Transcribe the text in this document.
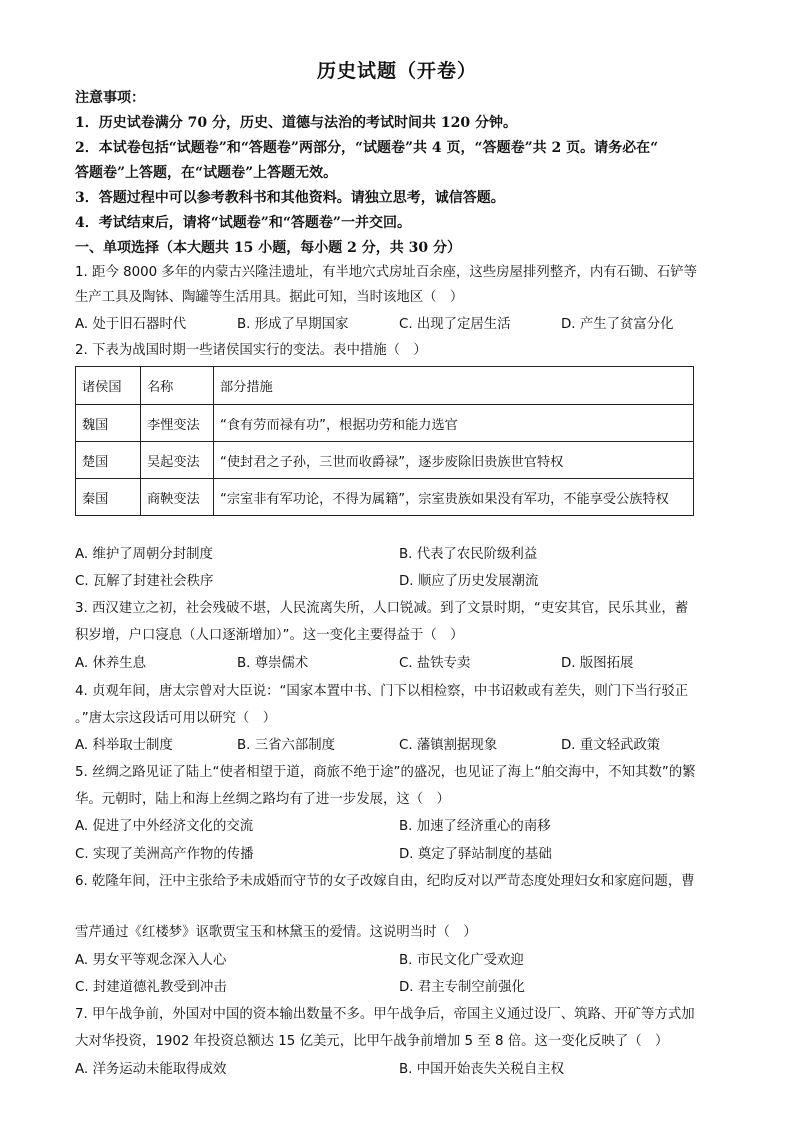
历史试题（开卷）
注意事项：
1．历史试卷满分 70 分，历史、道德与法治的考试时间共 120 分钟。
2．本试卷包括“试题卷”和“答题卷”两部分，“试题卷”共 4 页，“答题卷”共 2 页。请务必在“
答题卷”上答题，在“试题卷”上答题无效。
3．答题过程中可以参考教科书和其他资料。请独立思考，诚信答题。
4．考试结束后，请将“试题卷”和“答题卷”一并交回。
一、单项选择（本大题共 15 小题，每小题 2 分，共 30 分）
1. 距今 8000 多年的内蒙古兴隆洼遗址，有半地穴式房址百余座，这些房屋排列整齐，内有石锄、石铲等
生产工具及陶钵、陶罐等生活用具。据此可知，当时该地区（　）
A. 处于旧石器时代	B. 形成了早期国家	C. 出现了定居生活	D. 产生了贫富分化
2. 下表为战国时期一些诸侯国实行的变法。表中措施（　）
诸侯国	名称	部分措施
魏国	李悝变法	“食有劳而禄有功”，根据功劳和能力选官
楚国	吴起变法	“使封君之子孙，三世而收爵禄”，逐步废除旧贵族世官特权
秦国	商鞅变法	“宗室非有军功论，不得为属籍”，宗室贵族如果没有军功，不能享受公族特权
A. 维护了周朝分封制度	B. 代表了农民阶级利益
C. 瓦解了封建社会秩序	D. 顺应了历史发展潮流
3. 西汉建立之初，社会残破不堪，人民流离失所，人口锐减。到了文景时期，“吏安其官，民乐其业，蓄
积岁增，户口寖息（人口逐渐增加）”。这一变化主要得益于（　）
A. 休养生息	B. 尊崇儒术	C. 盐铁专卖	D. 版图拓展
4. 贞观年间，唐太宗曾对大臣说：“国家本置中书、门下以相检察，中书诏敕或有差失，则门下当行驳正
。”唐太宗这段话可用以研究（　）
A. 科举取士制度	B. 三省六部制度	C. 藩镇割据现象	D. 重文轻武政策
5. 丝绸之路见证了陆上“使者相望于道，商旅不绝于途”的盛况，也见证了海上“舶交海中，不知其数”的繁
华。元朝时，陆上和海上丝绸之路均有了进一步发展，这（　）
A. 促进了中外经济文化的交流	B. 加速了经济重心的南移
C. 实现了美洲高产作物的传播	D. 奠定了驿站制度的基础
6. 乾隆年间，汪中主张给予未成婚而守节的女子改嫁自由，纪昀反对以严苛态度处理妇女和家庭问题，曹
雪芹通过《红楼梦》讴歌贾宝玉和林黛玉的爱情。这说明当时（　）
A. 男女平等观念深入人心	B. 市民文化广受欢迎
C. 封建道德礼教受到冲击	D. 君主专制空前强化
7. 甲午战争前，外国对中国的资本输出数量不多。甲午战争后，帝国主义通过设厂、筑路、开矿等方式加
大对华投资，1902 年投资总额达 15 亿美元，比甲午战争前增加 5 至 8 倍。这一变化反映了（　）
A. 洋务运动未能取得成效	B. 中国开始丧失关税自主权
